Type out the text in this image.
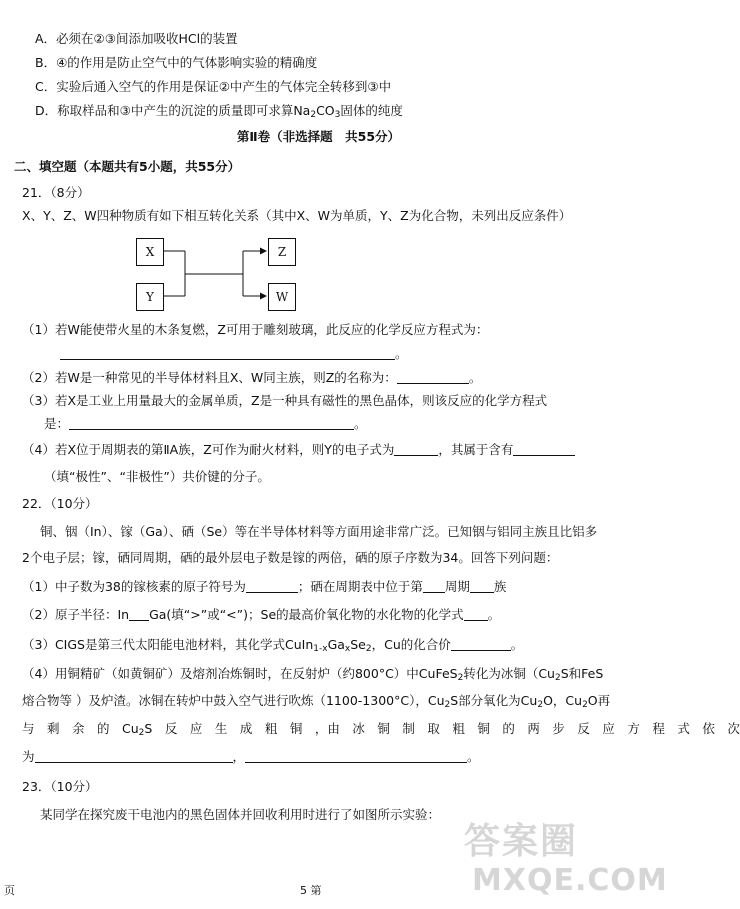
A．必须在②③间添加吸收HCl的装置
B．④的作用是防止空气中的气体影响实验的精确度
C．实验后通入空气的作用是保证②中产生的气体完全转移到③中
D．称取样品和③中产生的沉淀的质量即可求算$Na_2CO_3$固体的纯度
第Ⅱ卷（非选择题　共55分）
二、填空题（本题共有5小题，共55分）
21．（8分）
X、Y、Z、W四种物质有如下相互转化关系（其中X、W为单质，Y、Z为化合物，未列出反应条件）
X
Y
Z
W
（1）若W能使带火星的木条复燃，Z可用于雕刻玻璃，此反应的化学反应方程式为：
。
（2）若W是一种常见的半导体材料且X、W同主族，则Z的名称为：	。
（3）若X是工业上用量最大的金属单质，Z是一种具有磁性的黑色晶体，则该反应的化学方程式
是：	。
（4）若X位于周期表的第ⅡA族，Z可作为耐火材料，则Y的电子式为	，其属于含有
（填“极性”、“非极性”）共价键的分子。
22．（10分）
铜、铟（In）、镓（Ga）、硒（Se）等在半导体材料等方面用途非常广泛。已知铟与铝同主族且比铝多
2个电子层；镓，硒同周期，硒的最外层电子数是镓的两倍，硒的原子序数为34。回答下列问题：
（1）中子数为38的镓核素的原子符号为	；硒在周期表中位于第 周期 族
（2）原子半径：In Ga(填“>”或“<”)；Se的最高价氧化物的水化物的化学式 。
（3）CIGS是第三代太阳能电池材料，其化学式$CuIn_{1-x}Ga_xSe_2$，Cu的化合价	。
（4）用铜精矿（如黄铜矿）及熔剂冶炼铜时，在反射炉（约800°C）中CuFeS$_2$转化为冰铜（$Cu_2S$和FeS
熔合物等 ）及炉渣。冰铜在转炉中鼓入空气进行吹炼（1100-1300°C），$Cu_2S$部分氧化为$Cu_2O$，$Cu_2O$再
与　剩　余　的　$Cu_2S$　反　应　生　成　粗　铜　，由　冰　铜　制　取　粗　铜　的　两　步　反　应　方　程　式　依　次
为	，	。
23．（10分）
某同学在探究废干电池内的黑色固体并回收利用时进行了如图所示实验：
页	5 第
答案圈
MXQE.COM
